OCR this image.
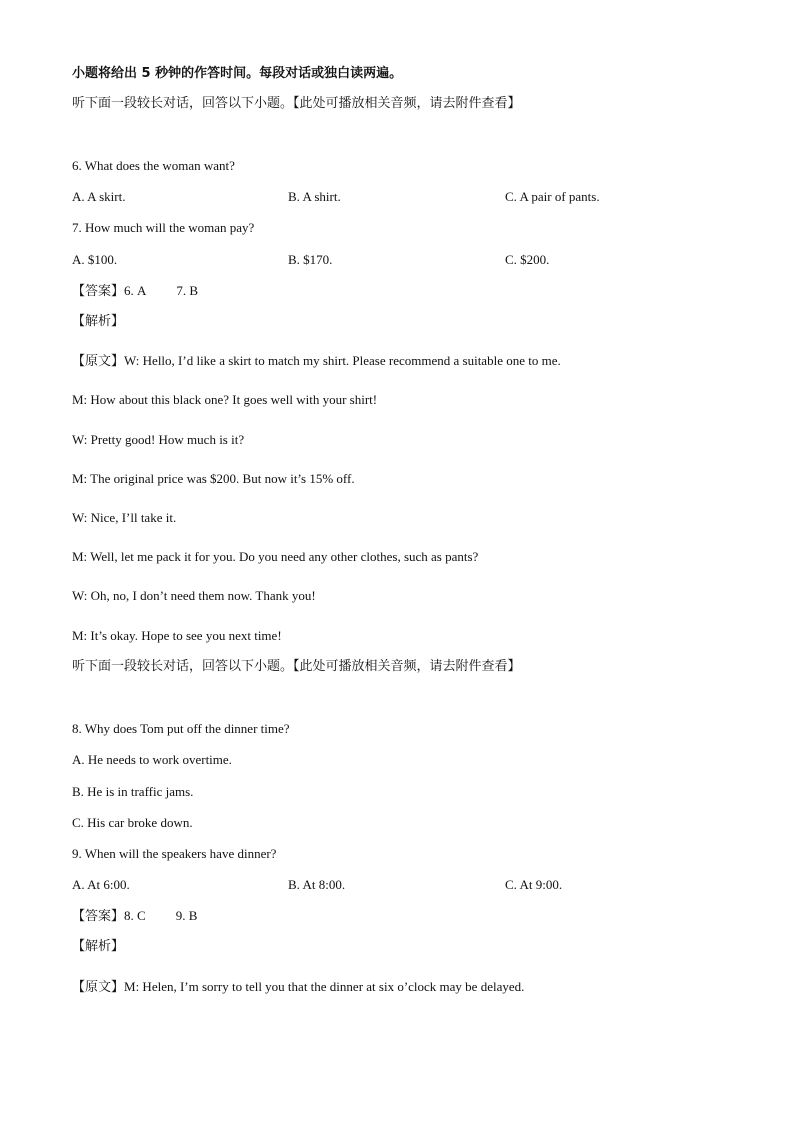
小题将给出 5 秒钟的作答时间。每段对话或独白读两遍。
听下面一段较长对话，回答以下小题。【此处可播放相关音频，请去附件查看】
6. What does the woman want?
A. A skirt.	B. A shirt.	C. A pair of pants.
7. How much will the woman pay?
A. $100.	B. $170.	C. $200.
【答案】6. A 7. B
【解析】
【原文】W: Hello, I’d like a skirt to match my shirt. Please recommend a suitable one to me.
M: How about this black one? It goes well with your shirt!
W: Pretty good! How much is it?
M: The original price was $200. But now it’s 15% off.
W: Nice, I’ll take it.
M: Well, let me pack it for you. Do you need any other clothes, such as pants?
W: Oh, no, I don’t need them now. Thank you!
M: It’s okay. Hope to see you next time!
听下面一段较长对话，回答以下小题。【此处可播放相关音频，请去附件查看】
8. Why does Tom put off the dinner time?
A. He needs to work overtime.
B. He is in traffic jams.
C. His car broke down.
9. When will the speakers have dinner?
A. At 6:00.	B. At 8:00.	C. At 9:00.
【答案】8. C 9. B
【解析】
【原文】M: Helen, I’m sorry to tell you that the dinner at six o’clock may be delayed.
